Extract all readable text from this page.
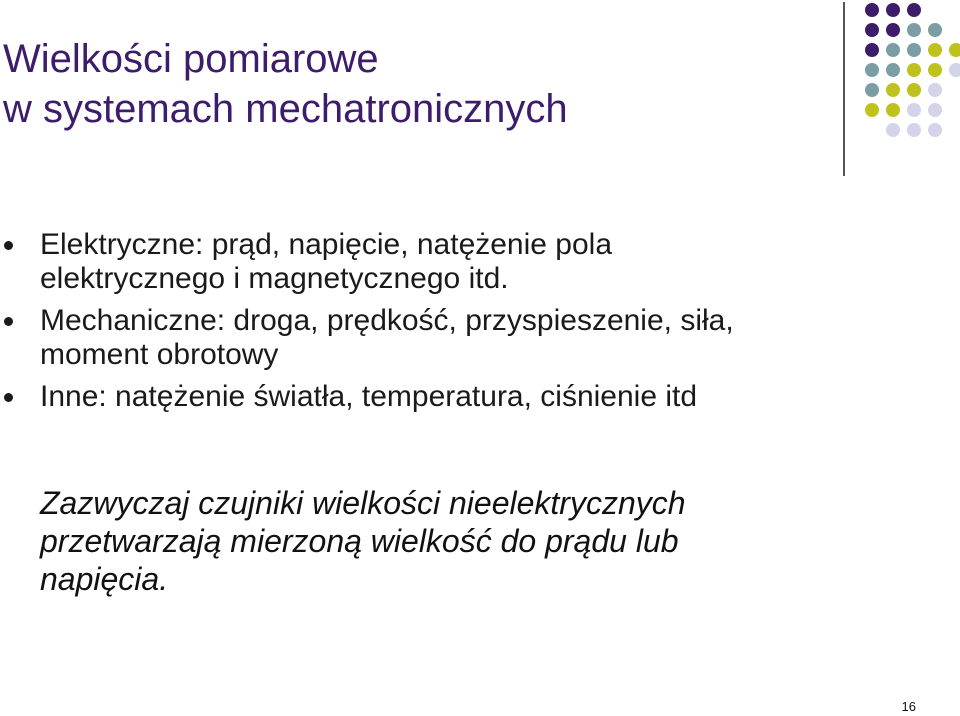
Wielkości pomiarowe
w systemach mechatronicznych
Elektryczne: prąd, napięcie, natężenie pola
elektrycznego i magnetycznego itd.
Mechaniczne: droga, prędkość, przyspieszenie, siła,
moment obrotowy
Inne: natężenie światła, temperatura, ciśnienie itd
Zazwyczaj czujniki wielkości nieelektrycznych
przetwarzają mierzoną wielkość do prądu lub
napięcia.
16
